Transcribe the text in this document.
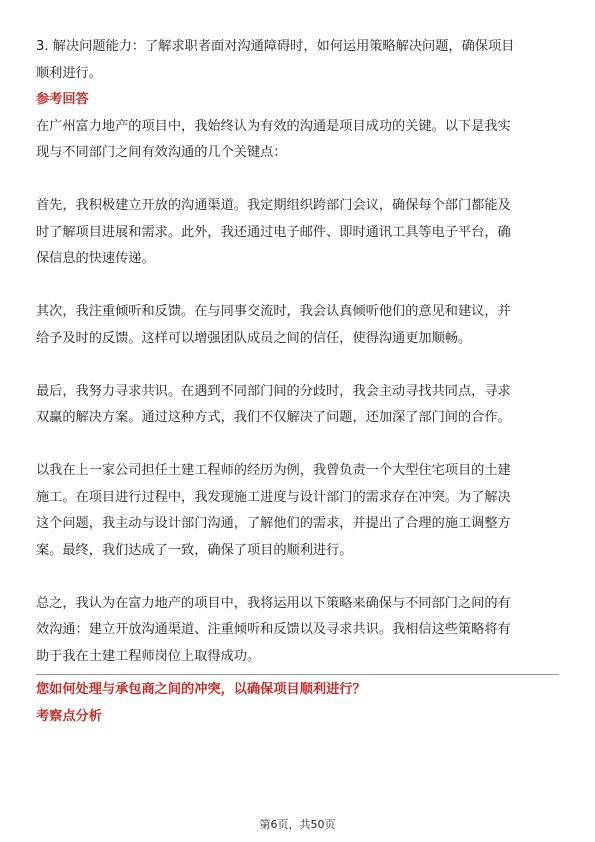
3. 解决问题能力：了解求职者面对沟通障碍时，如何运用策略解决问题，确保项目

顺利进行。

参考回答

在广州富力地产的项目中，我始终认为有效的沟通是项目成功的关键。以下是我实

现与不同部门之间有效沟通的几个关键点：

首先，我积极建立开放的沟通渠道。我定期组织跨部门会议，确保每个部门都能及

时了解项目进展和需求。此外，我还通过电子邮件、即时通讯工具等电子平台，确

保信息的快速传递。

其次，我注重倾听和反馈。在与同事交流时，我会认真倾听他们的意见和建议，并

给予及时的反馈。这样可以增强团队成员之间的信任，使得沟通更加顺畅。

最后，我努力寻求共识。在遇到不同部门间的分歧时，我会主动寻找共同点，寻求

双赢的解决方案。通过这种方式，我们不仅解决了问题，还加深了部门间的合作。

以我在上一家公司担任土建工程师的经历为例，我曾负责一个大型住宅项目的土建

施工。在项目进行过程中，我发现施工进度与设计部门的需求存在冲突。为了解决

这个问题，我主动与设计部门沟通，了解他们的需求，并提出了合理的施工调整方

案。最终，我们达成了一致，确保了项目的顺利进行。

总之，我认为在富力地产的项目中，我将运用以下策略来确保与不同部门之间的有

效沟通：建立开放沟通渠道、注重倾听和反馈以及寻求共识。我相信这些策略将有

助于我在土建工程师岗位上取得成功。

您如何处理与承包商之间的冲突，以确保项目顺利进行？

考察点分析

第6页，共50页
